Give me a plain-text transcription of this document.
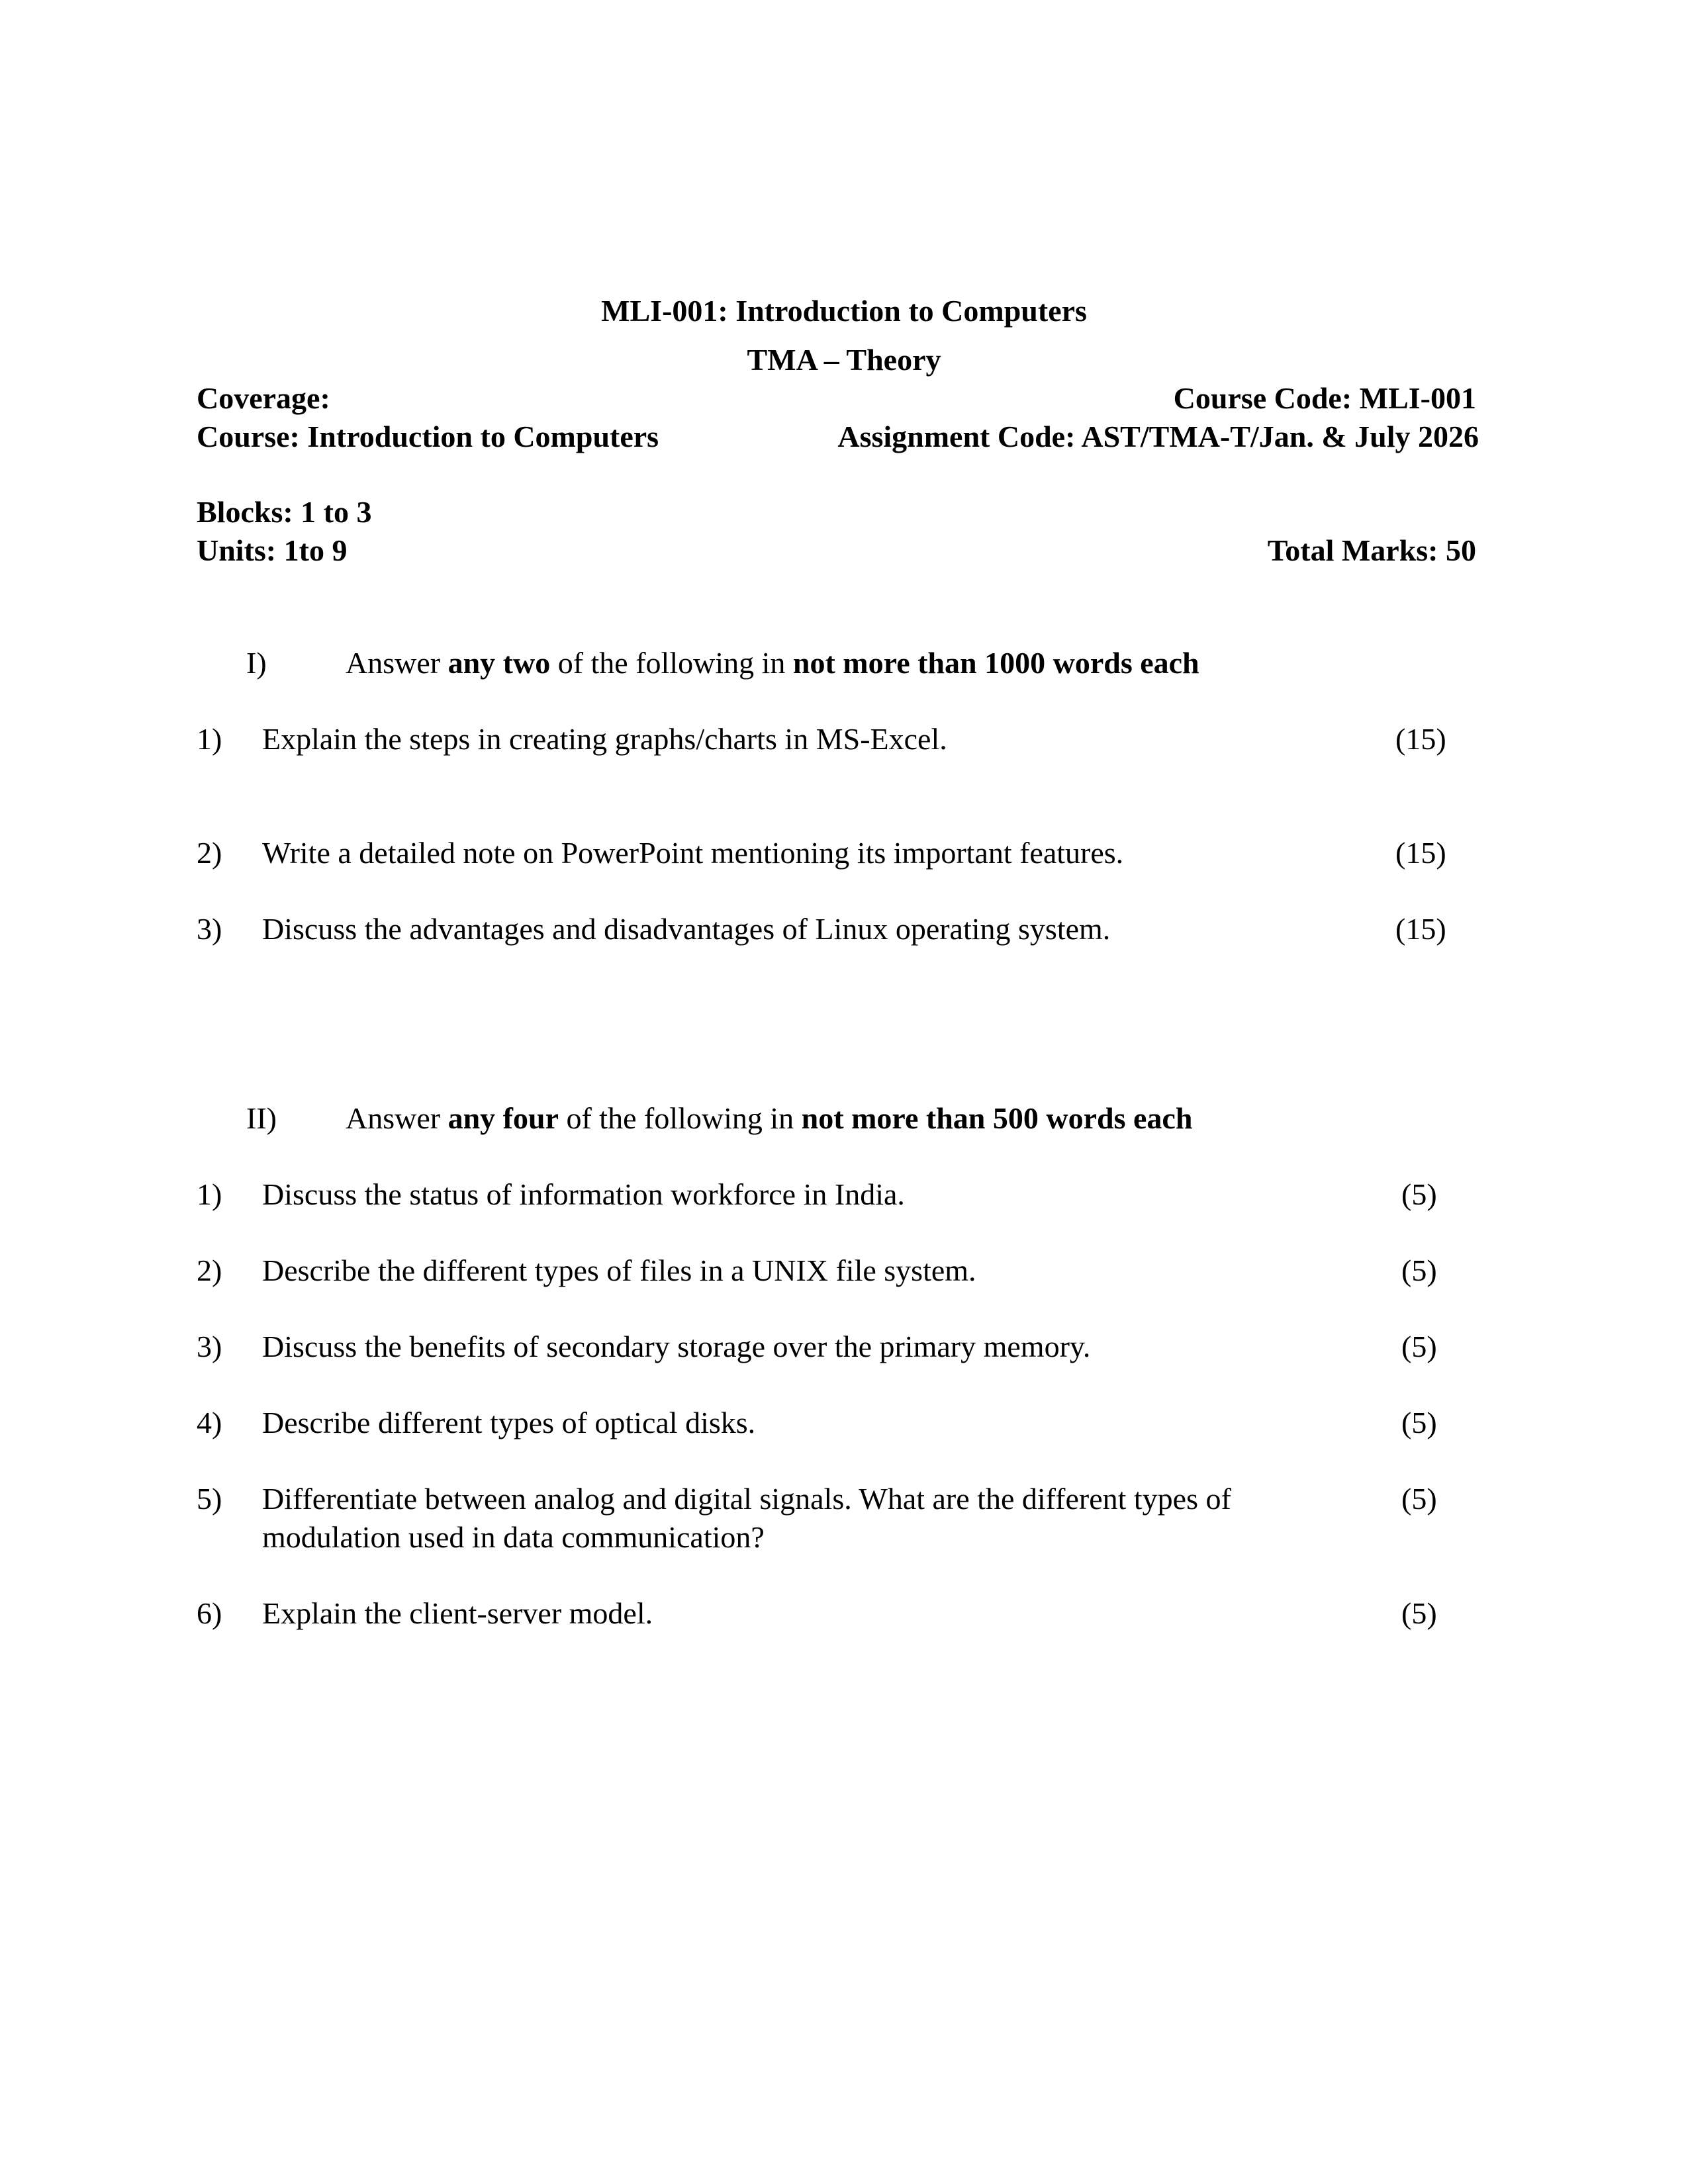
MLI-001: Introduction to Computers
TMA – Theory
Coverage:	Course Code: MLI-001
Course: Introduction to Computers	Assignment Code: AST/TMA-T/Jan. & July 2026
Blocks: 1 to 3
Units: 1to 9	Total Marks: 50
I)	Answer any two of the following in not more than 1000 words each
1) Explain the steps in creating graphs/charts in MS-Excel.	(15)
2) Write a detailed note on PowerPoint mentioning its important features.	(15)
3) Discuss the advantages and disadvantages of Linux operating system.	(15)
II) Answer any four of the following in not more than 500 words each
1) Discuss the status of information workforce in India.	(5)
2) Describe the different types of files in a UNIX file system.	(5)
3) Discuss the benefits of secondary storage over the primary memory.	(5)
4) Describe different types of optical disks.	(5)
5) Differentiate between analog and digital signals. What are the different types of
modulation used in data communication?
(5)
6) Explain the client-server model.	(5)
